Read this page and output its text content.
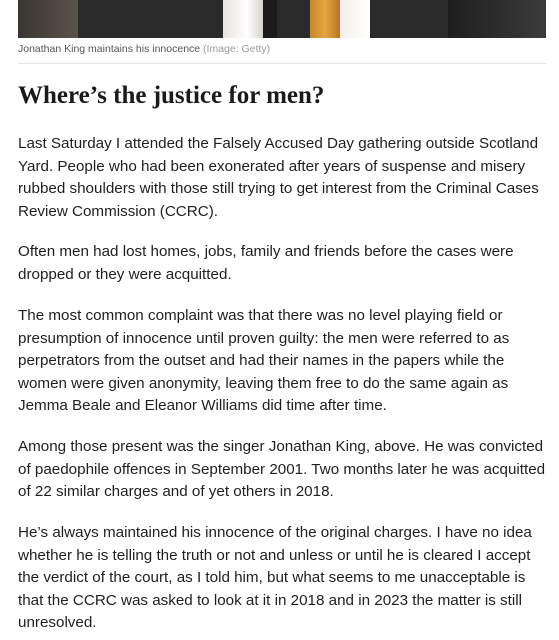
Jonathan King maintains his innocence (Image: Getty)
Where’s the justice for men?

Last Saturday I attended the Falsely Accused Day gathering outside Scotland Yard. People who had been exonerated after years of suspense and misery rubbed shoulders with those still trying to get interest from the Criminal Cases Review Commission (CCRC).

Often men had lost homes, jobs, family and friends before the cases were dropped or they were acquitted.

The most common complaint was that there was no level playing field or presumption of innocence until proven guilty: the men were referred to as perpetrators from the outset and had their names in the papers while the women were given anonymity, leaving them free to do the same again as Jemma Beale and Eleanor Williams did time after time.

Among those present was the singer Jonathan King, above. He was convicted of paedophile offences in September 2001. Two months later he was acquitted of 22 similar charges and of yet others in 2018.

He’s always maintained his innocence of the original charges. I have no idea whether he is telling the truth or not and unless or until he is cleared I accept the verdict of the court, as I told him, but what seems to me unacceptable is that the CCRC was asked to look at it in 2018 and in 2023 the matter is still unresolved.
